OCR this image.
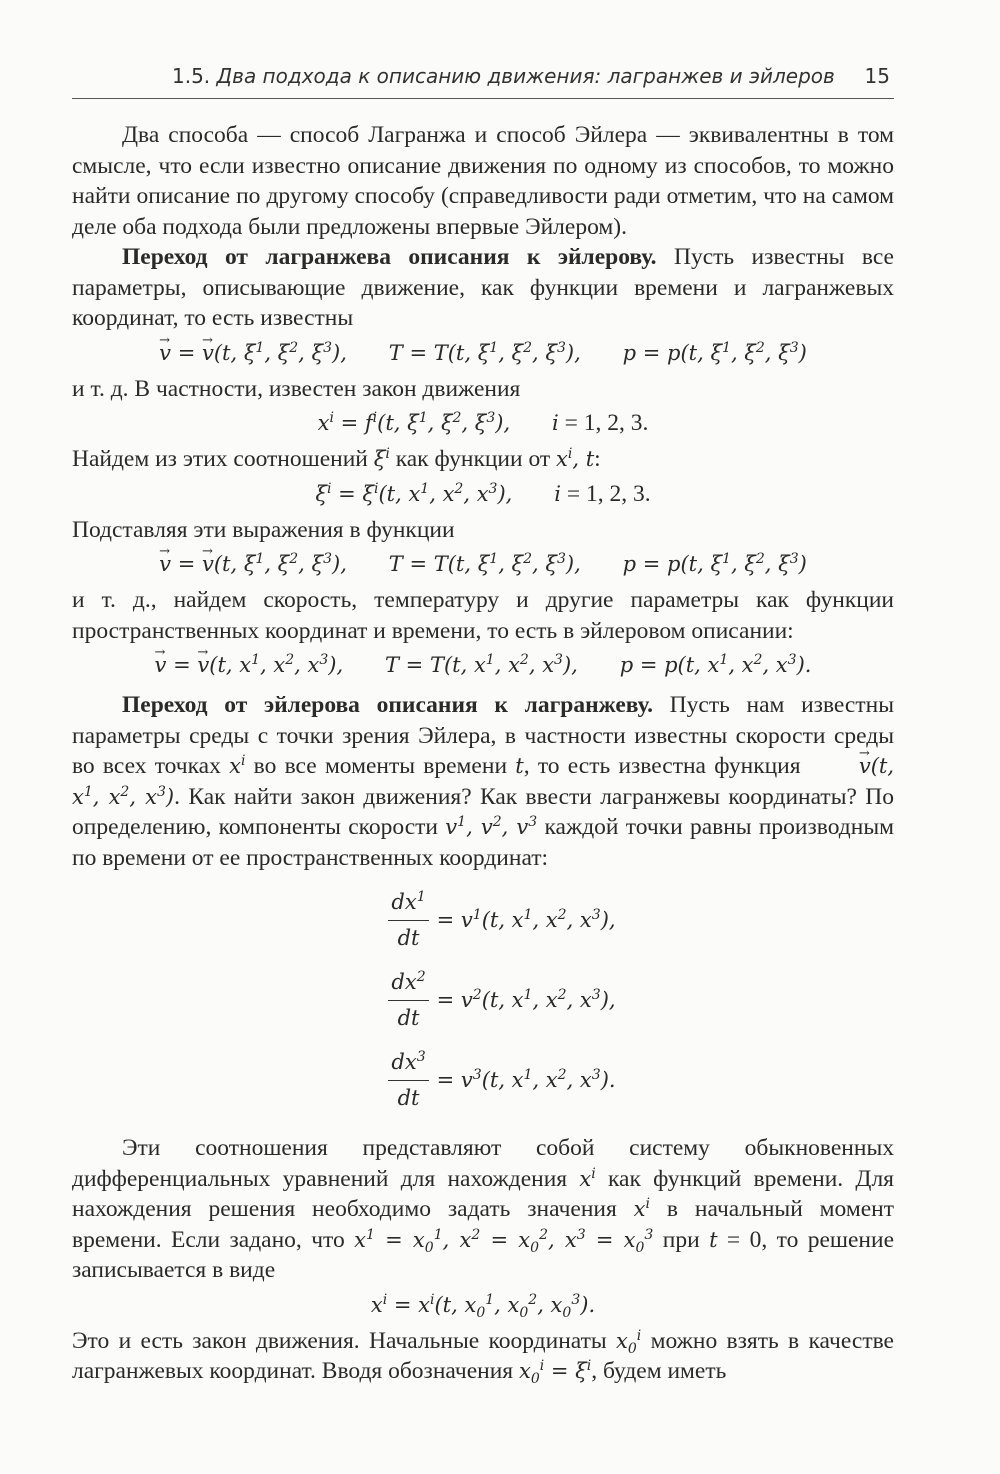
1.5. Два подхода к описанию движения: лагранжев и эйлеров 15

Два способа — способ Лагранжа и способ Эйлера — эквивалентны в том смысле, что если известно описание движения по одному из способов, то можно найти описание по другому способу (справедливости ради отметим, что на самом деле оба подхода были предложены впервые Эйлером).

Переход от лагранжева описания к эйлерову. Пусть известны все параметры, описывающие движение, как функции времени и лагранжевых координат, то есть известны

v → = v →(t, $\xi^1$, $\xi^2$, $\xi^3$), T = T(t, $\xi^1$, $\xi^2$, $\xi^3$), p = p(t, $\xi^1$, $\xi^2$, $\xi^3$)

и т. д. В частности, известен закон движения

$x^i = f^i(t$, $\xi^1$, $\xi^2$, $\xi^3$), i = 1, 2, 3.

Найдем из этих соотношений $\xi^i$ как функции от $x^i$, t:

$\xi^i = \xi^i(t$, $x^1$, $x^2$, $x^3$), i = 1, 2, 3.

Подставляя эти выражения в функции

v → = v →(t, $\xi^1$, $\xi^2$, $\xi^3$), T = T(t, $\xi^1$, $\xi^2$, $\xi^3$), p = p(t, $\xi^1$, $\xi^2$, $\xi^3$)

и т. д., найдем скорость, температуру и другие параметры как функции пространственных координат и времени, то есть в эйлеровом описании:

v → = v →(t, $x^1$, $x^2$, $x^3$), T = T(t, $x^1$, $x^2$, $x^3$), p = p(t, $x^1$, $x^2$, $x^3$).

Переход от эйлерова описания к лагранжеву. Пусть нам известны параметры среды с точки зрения Эйлера, в частности известны скорости среды во всех точках $x^i$ во все моменты времени t, то есть известна функция v →(t, $x^1$, $x^2$, $x^3$). Как найти закон движения? Как ввести лагранжевы координаты? По определению, компоненты скорости $v^1$, $v^2$, $v^3$ каждой точки равны производным по времени от ее пространственных координат:

$\frac{dx^1}{dt} = v^1(t$, $x^1$, $x^2$, $x^3$),
$\frac{dx^2}{dt} = v^2(t$, $x^1$, $x^2$, $x^3$),
$\frac{dx^3}{dt} = v^3(t$, $x^1$, $x^2$, $x^3$).

Эти соотношения представляют собой систему обыкновенных дифференциальных уравнений для нахождения $x^i$ как функций времени. Для нахождения решения необходимо задать значения $x^i$ в начальный момент времени. Если задано, что $x^1 = x_0^1$, $x^2 = x_0^2$, $x^3 = x_0^3$ при t = 0, то решение записывается в виде

$x^i = x^i(t$, $x_0^1$, $x_0^2$, $x_0^3$).

Это и есть закон движения. Начальные координаты $x_0^i$ можно взять в качестве лагранжевых координат. Вводя обозначения $x_0^i = \xi^i$, будем иметь
